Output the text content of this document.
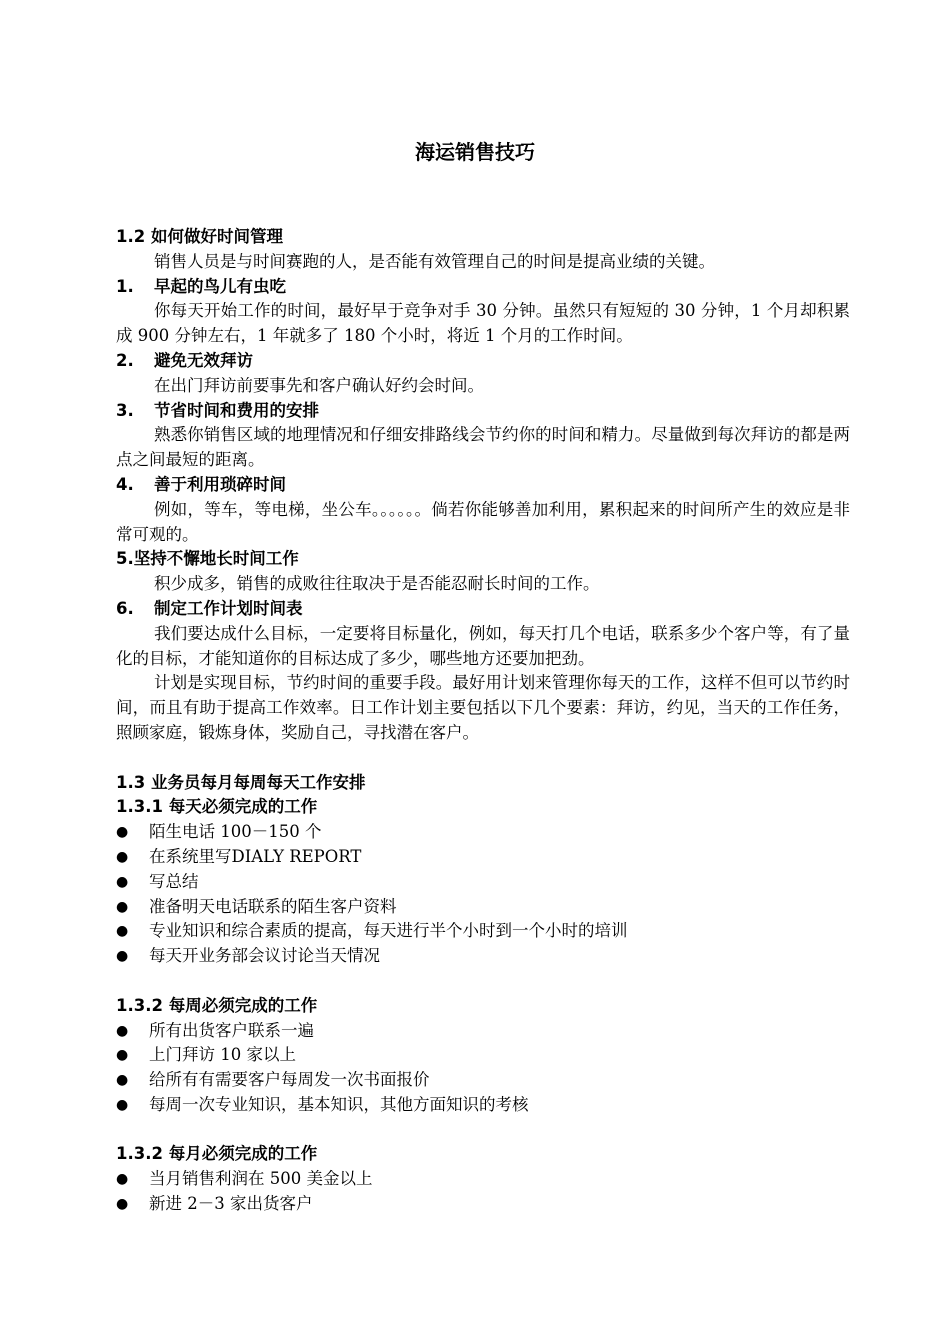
海运销售技巧

1.2 如何做好时间管理

销售人员是与时间赛跑的人，是否能有效管理自己的时间是提高业绩的关键。

1.	早起的鸟儿有虫吃

你每天开始工作的时间，最好早于竞争对手 30 分钟。虽然只有短短的 30 分钟，1 个月却积累成 900 分钟左右，1 年就多了 180 个小时，将近 1 个月的工作时间。

2.	避免无效拜访

在出门拜访前要事先和客户确认好约会时间。

3.	节省时间和费用的安排

熟悉你销售区域的地理情况和仔细安排路线会节约你的时间和精力。尽量做到每次拜访的都是两点之间最短的距离。

4.	善于利用琐碎时间

例如，等车，等电梯，坐公车。。。。。。倘若你能够善加利用，累积起来的时间所产生的效应是非常可观的。

5.坚持不懈地长时间工作

积少成多，销售的成败往往取决于是否能忍耐长时间的工作。

6.	制定工作计划时间表

我们要达成什么目标，一定要将目标量化，例如，每天打几个电话，联系多少个客户等，有了量化的目标，才能知道你的目标达成了多少，哪些地方还要加把劲。

计划是实现目标，节约时间的重要手段。最好用计划来管理你每天的工作，这样不但可以节约时间，而且有助于提高工作效率。日工作计划主要包括以下几个要素：拜访，约见，当天的工作任务，照顾家庭，锻炼身体，奖励自己，寻找潜在客户。

1.3 业务员每月每周每天工作安排

1.3.1 每天必须完成的工作

●	陌生电话 100－150 个
●	在系统里写DIALY REPORT
●	写总结
●	准备明天电话联系的陌生客户资料
●	专业知识和综合素质的提高，每天进行半个小时到一个小时的培训
●	每天开业务部会议讨论当天情况

1.3.2 每周必须完成的工作

●	所有出货客户联系一遍
●	上门拜访 10 家以上
●	给所有有需要客户每周发一次书面报价
●	每周一次专业知识，基本知识，其他方面知识的考核

1.3.2 每月必须完成的工作

●	当月销售利润在 500 美金以上
●	新进 2－3 家出货客户
